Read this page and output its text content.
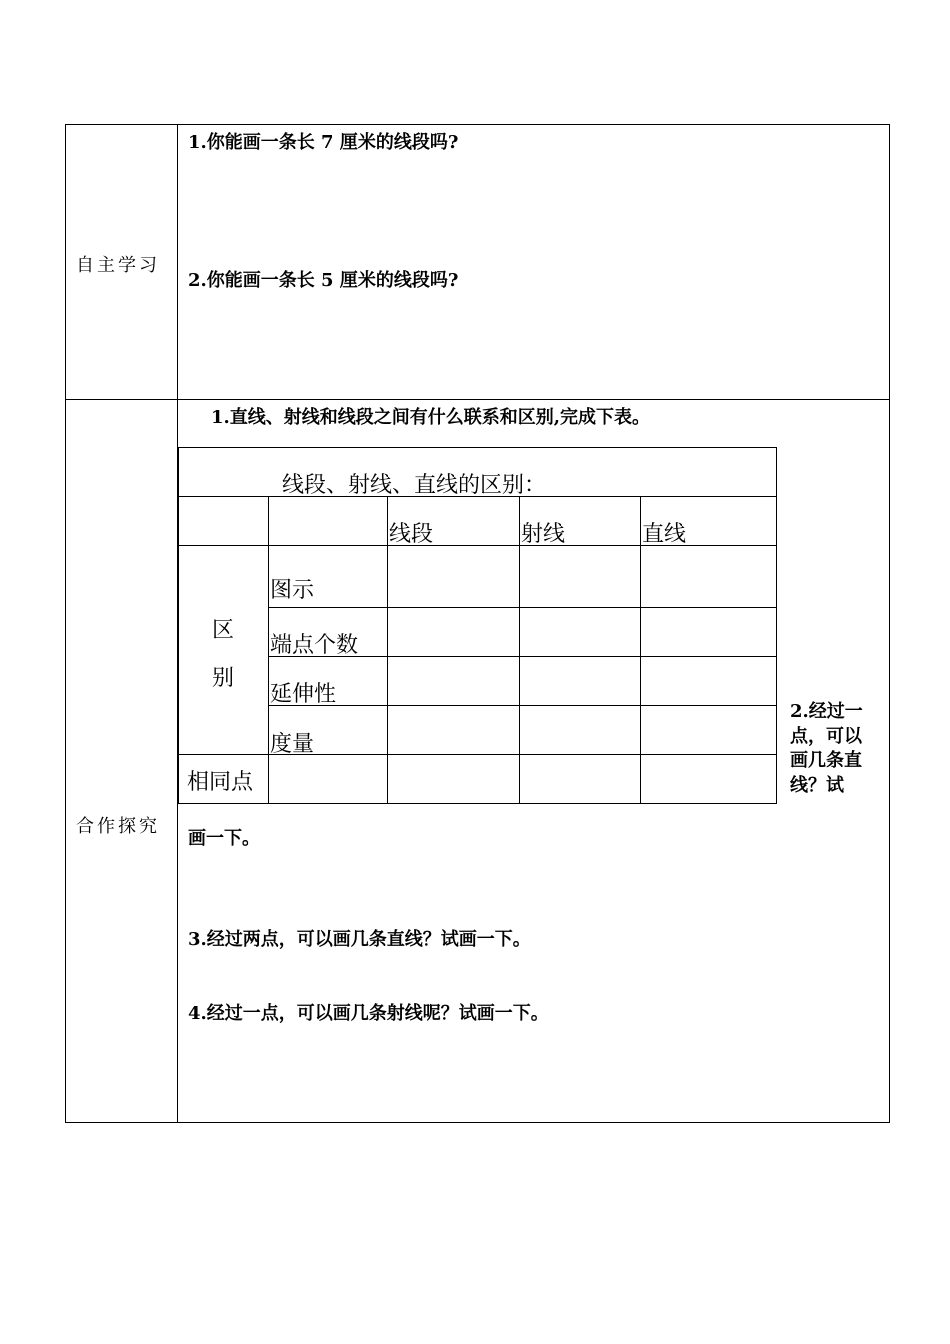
自主学习
1.你能画一条长 7 厘米的线段吗?
2.你能画一条长 5 厘米的线段吗?
合作探究
1.直线、射线和线段之间有什么联系和区别,完成下表。
线段、射线、直线的区别：
线段	射线	直线
区
别
图示
端点个数
延伸性
度量
相同点
2.经过一点，可以画几条直线？试
画一下。
3.经过两点，可以画几条直线？试画一下。
4.经过一点，可以画几条射线呢？试画一下。
